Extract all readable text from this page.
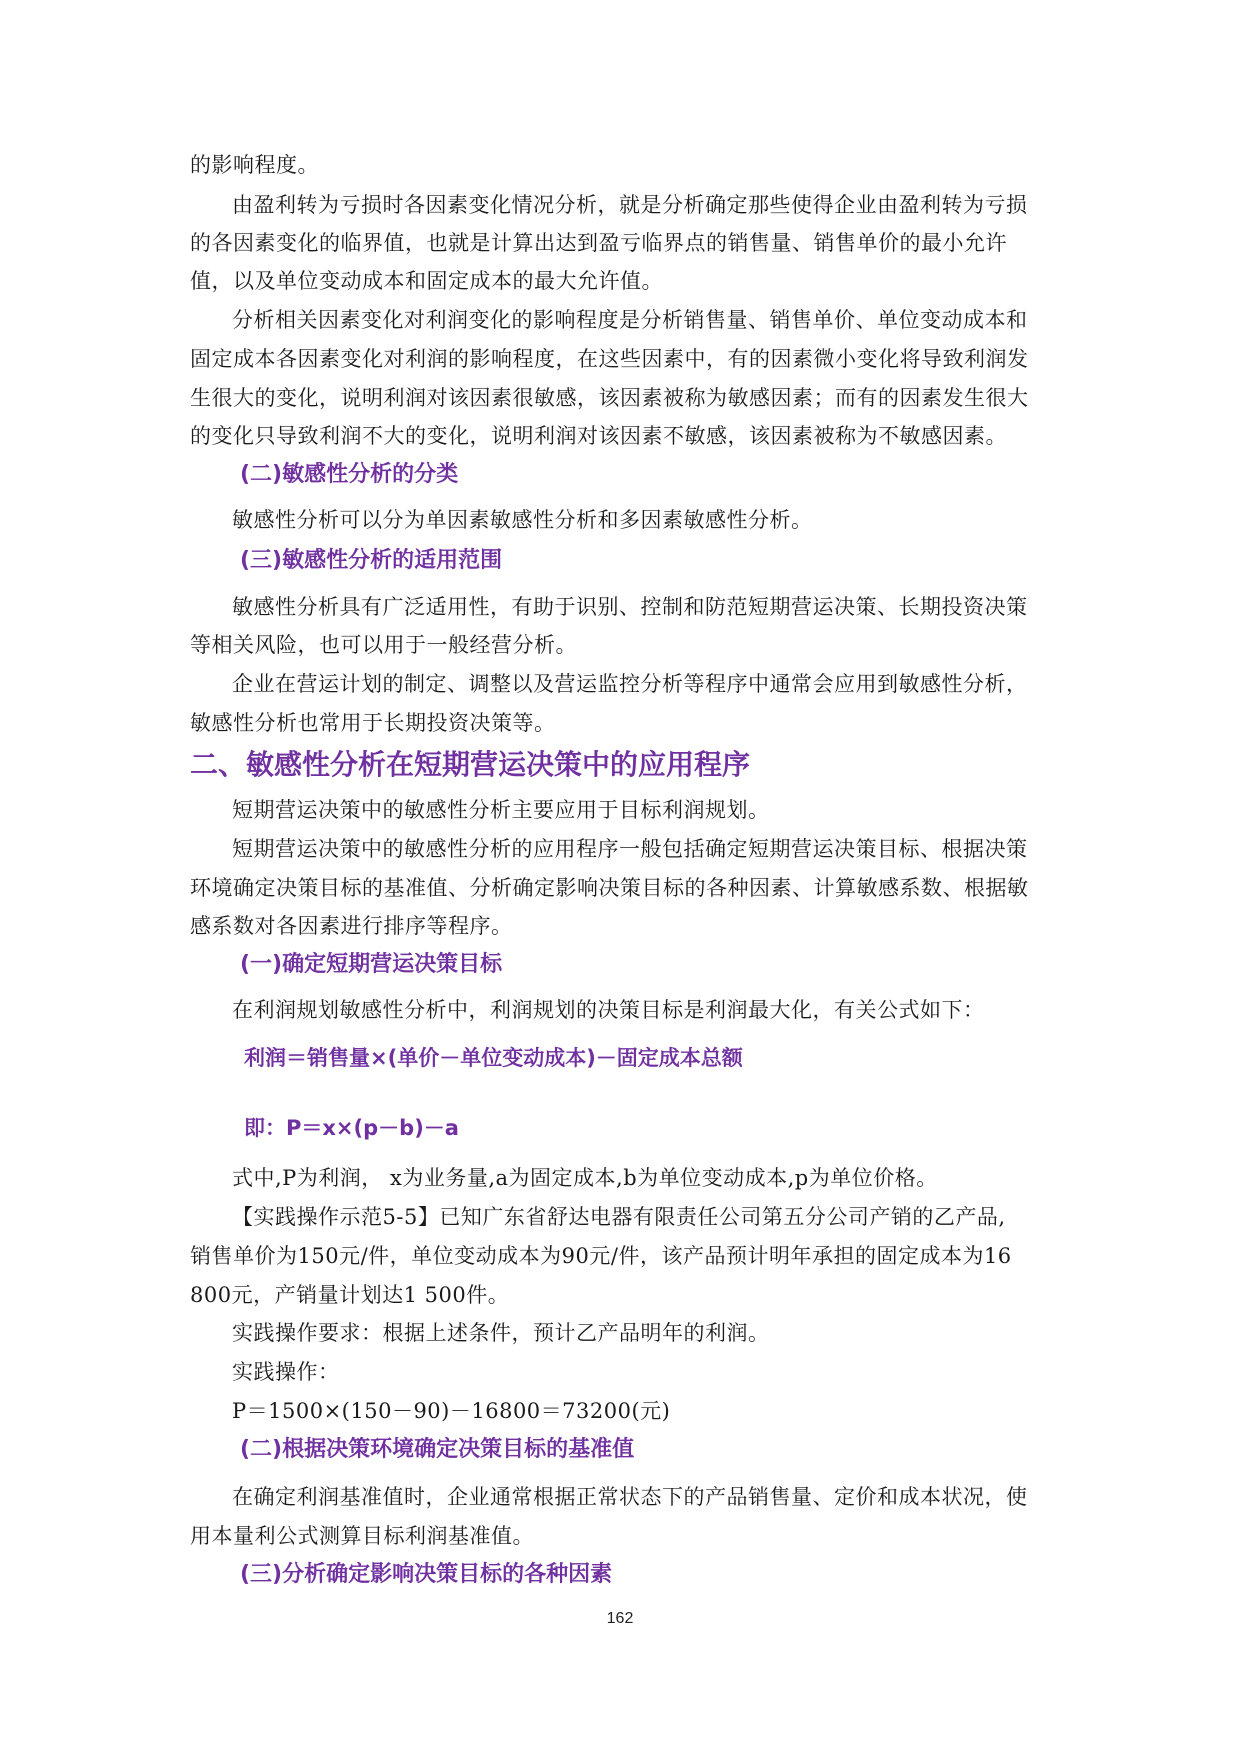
的影响程度。
由盈利转为亏损时各因素变化情况分析，就是分析确定那些使得企业由盈利转为亏损
的各因素变化的临界值，也就是计算出达到盈亏临界点的销售量、销售单价的最小允许
值，以及单位变动成本和固定成本的最大允许值。
分析相关因素变化对利润变化的影响程度是分析销售量、销售单价、单位变动成本和
固定成本各因素变化对利润的影响程度，在这些因素中，有的因素微小变化将导致利润发
生很大的变化，说明利润对该因素很敏感，该因素被称为敏感因素；而有的因素发生很大
的变化只导致利润不大的变化，说明利润对该因素不敏感，该因素被称为不敏感因素。
(二)敏感性分析的分类
敏感性分析可以分为单因素敏感性分析和多因素敏感性分析。
(三)敏感性分析的适用范围
敏感性分析具有广泛适用性，有助于识别、控制和防范短期营运决策、长期投资决策
等相关风险，也可以用于一般经营分析。
企业在营运计划的制定、调整以及营运监控分析等程序中通常会应用到敏感性分析，
敏感性分析也常用于长期投资决策等。
二、敏感性分析在短期营运决策中的应用程序
短期营运决策中的敏感性分析主要应用于目标利润规划。
短期营运决策中的敏感性分析的应用程序一般包括确定短期营运决策目标、根据决策
环境确定决策目标的基准值、分析确定影响决策目标的各种因素、计算敏感系数、根据敏
感系数对各因素进行排序等程序。
(一)确定短期营运决策目标
在利润规划敏感性分析中，利润规划的决策目标是利润最大化，有关公式如下：
利润＝销售量×(单价－单位变动成本)－固定成本总额
即：P＝x×(p－b)－a
式中,P为利润， x为业务量,a为固定成本,b为单位变动成本,p为单位价格。
【实践操作示范5-5】已知广东省舒达电器有限责任公司第五分公司产销的乙产品,
销售单价为150元/件，单位变动成本为90元/件，该产品预计明年承担的固定成本为16
800元，产销量计划达1 500件。
实践操作要求：根据上述条件，预计乙产品明年的利润。
实践操作：
P＝1500×(150－90)－16800＝73200(元)
(二)根据决策环境确定决策目标的基准值
在确定利润基准值时，企业通常根据正常状态下的产品销售量、定价和成本状况，使
用本量利公式测算目标利润基准值。
(三)分析确定影响决策目标的各种因素
162
